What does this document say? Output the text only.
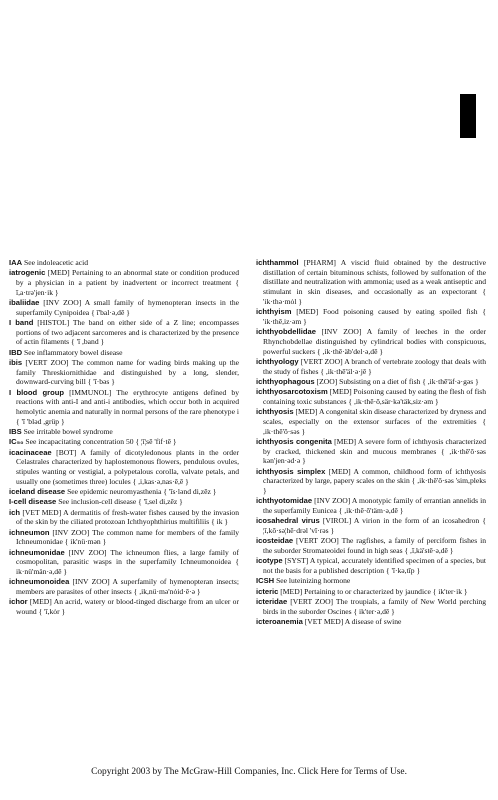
IAA See indoleacetic acid
iatrogenic [MED] Pertaining to an abnormal state or condition produced by a physician in a patient by inadvertent or incorrect treatment { ī,a·trə'jen·ik }
ibaliidae [INV ZOO] A small family of hymenopteran insects in the superfamily Cynipoidea { ī'bal·ə,dē }
I band [HISTOL] The band on either side of a Z line; encompasses portions of two adjacent sarcomeres and is characterized by the presence of actin filaments { 'ī ,band }
IBD See inflammatory bowel disease
ibis [VERT ZOO] The common name for wading birds making up the family Threskiornithidae and distinguished by a long, slender, downward-curving bill { 'ī·bəs }
I blood group [IMMUNOL] The erythrocyte antigens defined by reactions with anti-I and anti-i antibodies, which occur both in acquired hemolytic anemia and naturally in normal persons of the rare phenotype i { 'ī 'bləd ,grüp }
IBS See irritable bowel syndrome
IC₅₀ See incapacitating concentration 50 { ¦ī¦sē 'fif·tē }
icacinaceae [BOT] A family of dicotyledonous plants in the order Celastrales characterized by haplostemonous flowers, pendulous ovules, stipules wanting or vestigial, a polypetalous corolla, valvate petals, and usually one (sometimes three) locules { ,i,kas·ə,nas·ē,ē }
iceland disease See epidemic neuromyasthenia { 'īs·lənd di,zēz }
I-cell disease See inclusion-cell disease { 'ī,sel di,zēz }
ich [VET MED] A dermatitis of fresh-water fishes caused by the invasion of the skin by the ciliated protozoan Ichthyophthirius multifiliis { ik }
ichneumon [INV ZOO] The common name for members of the family Ichneumonidae { ik'nü·mən }
ichneumonidae [INV ZOO] The ichneumon flies, a large family of cosmopolitan, parasitic wasps in the superfamily Ichneumonoidea { ik·nü'män·ə,dē }
ichneumonoidea [INV ZOO] A superfamily of hymenopteran insects; members are parasites of other insects { ,ik,nü·mə'nȯid·ē·ə }
ichor [MED] An acrid, watery or blood-tinged discharge from an ulcer or wound { 'ī,kȯr }
ichthammol [PHARM] A viscid fluid obtained by the destructive distillation of certain bituminous schists, followed by sulfonation of the distillate and neutralization with ammonia; used as a weak antiseptic and stimulant in skin diseases, and occasionally as an expectorant { 'ik·thə·mȯl }
ichthyism [MED] Food poisoning caused by eating spoiled fish { 'ik·thē,iz·əm }
ichthyobdellidae [INV ZOO] A family of leeches in the order Rhynchobdellae distinguished by cylindrical bodies with conspicuous, powerful suckers { ,ik·thē·äb'del·ə,dē }
ichthyology [VERT ZOO] A branch of vertebrate zoology that deals with the study of fishes { ,ik·thē'äl·ə·jē }
ichthyophagous [ZOO] Subsisting on a diet of fish { ,ik·thē'äf·ə·gəs }
ichthyosarcotoxism [MED] Poisoning caused by eating the flesh of fish containing toxic substances { ,ik·thē·ō,sär·kə'täk,siz·əm }
ichthyosis [MED] A congenital skin disease characterized by dryness and scales, especially on the extensor surfaces of the extremities { ,ik·thē'ō·səs }
ichthyosis congenita [MED] A severe form of ichthyosis characterized by cracked, thickened skin and mucous membranes { ,ik·thē'ō·səs kən'jen·əd·ə }
ichthyosis simplex [MED] A common, childhood form of ichthyosis characterized by large, papery scales on the skin { ,ik·thē'ō·səs 'sim,pleks }
ichthyotomidae [INV ZOO] A monotypic family of errantian annelids in the superfamily Eunicea { ,ik·thē·ō'täm·ə,dē }
icosahedral virus [VIROL] A virion in the form of an icosahedron { ¦ī,kō·sə¦hē·drəl 'vī·rəs }
icosteidae [VERT ZOO] The ragfishes, a family of perciform fishes in the suborder Stromateoidei found in high seas { ,ī,kä'stē·ə,dē }
icotype [SYST] A typical, accurately identified specimen of a species, but not the basis for a published description { 'ī·kə,tīp }
ICSH See luteinizing hormone
icteric [MED] Pertaining to or characterized by jaundice { ik'ter·ik }
icteridae [VERT ZOO] The troupials, a family of New World perching birds in the suborder Oscines { ik'ter·ə,dē }
icteroanemia [VET MED] A disease of swine
Copyright 2003 by The McGraw-Hill Companies, Inc. Click Here for Terms of Use.
